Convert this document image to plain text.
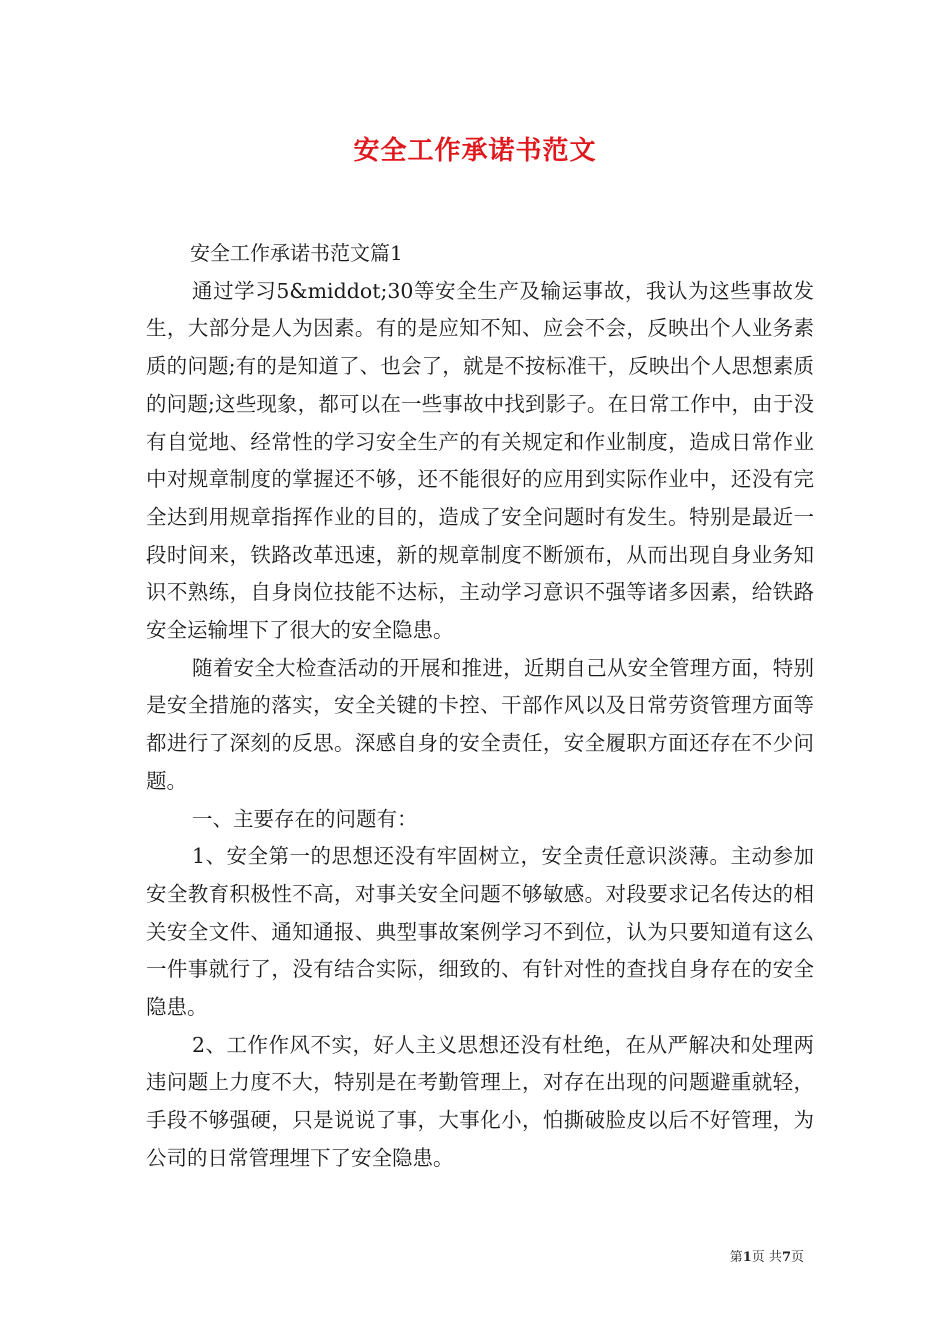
安全工作承诺书范文

安全工作承诺书范文篇1

通过学习5&middot;30等安全生产及输运事故，我认为这些事故发生，大部分是人为因素。有的是应知不知、应会不会，反映出个人业务素质的问题;有的是知道了、也会了，就是不按标准干，反映出个人思想素质的问题;这些现象，都可以在一些事故中找到影子。在日常工作中，由于没有自觉地、经常性的学习安全生产的有关规定和作业制度，造成日常作业中对规章制度的掌握还不够，还不能很好的应用到实际作业中，还没有完全达到用规章指挥作业的目的，造成了安全问题时有发生。特别是最近一段时间来，铁路改革迅速，新的规章制度不断颁布，从而出现自身业务知识不熟练，自身岗位技能不达标，主动学习意识不强等诸多因素，给铁路安全运输埋下了很大的安全隐患。

随着安全大检查活动的开展和推进，近期自己从安全管理方面，特别是安全措施的落实，安全关键的卡控、干部作风以及日常劳资管理方面等都进行了深刻的反思。深感自身的安全责任，安全履职方面还存在不少问题。

一、主要存在的问题有：

1、安全第一的思想还没有牢固树立，安全责任意识淡薄。主动参加安全教育积极性不高，对事关安全问题不够敏感。对段要求记名传达的相关安全文件、通知通报、典型事故案例学习不到位，认为只要知道有这么一件事就行了，没有结合实际，细致的、有针对性的查找自身存在的安全隐患。

2、工作作风不实，好人主义思想还没有杜绝，在从严解决和处理两违问题上力度不大，特别是在考勤管理上，对存在出现的问题避重就轻，手段不够强硬，只是说说了事，大事化小，怕撕破脸皮以后不好管理，为公司的日常管理埋下了安全隐患。

第1页 共7页
